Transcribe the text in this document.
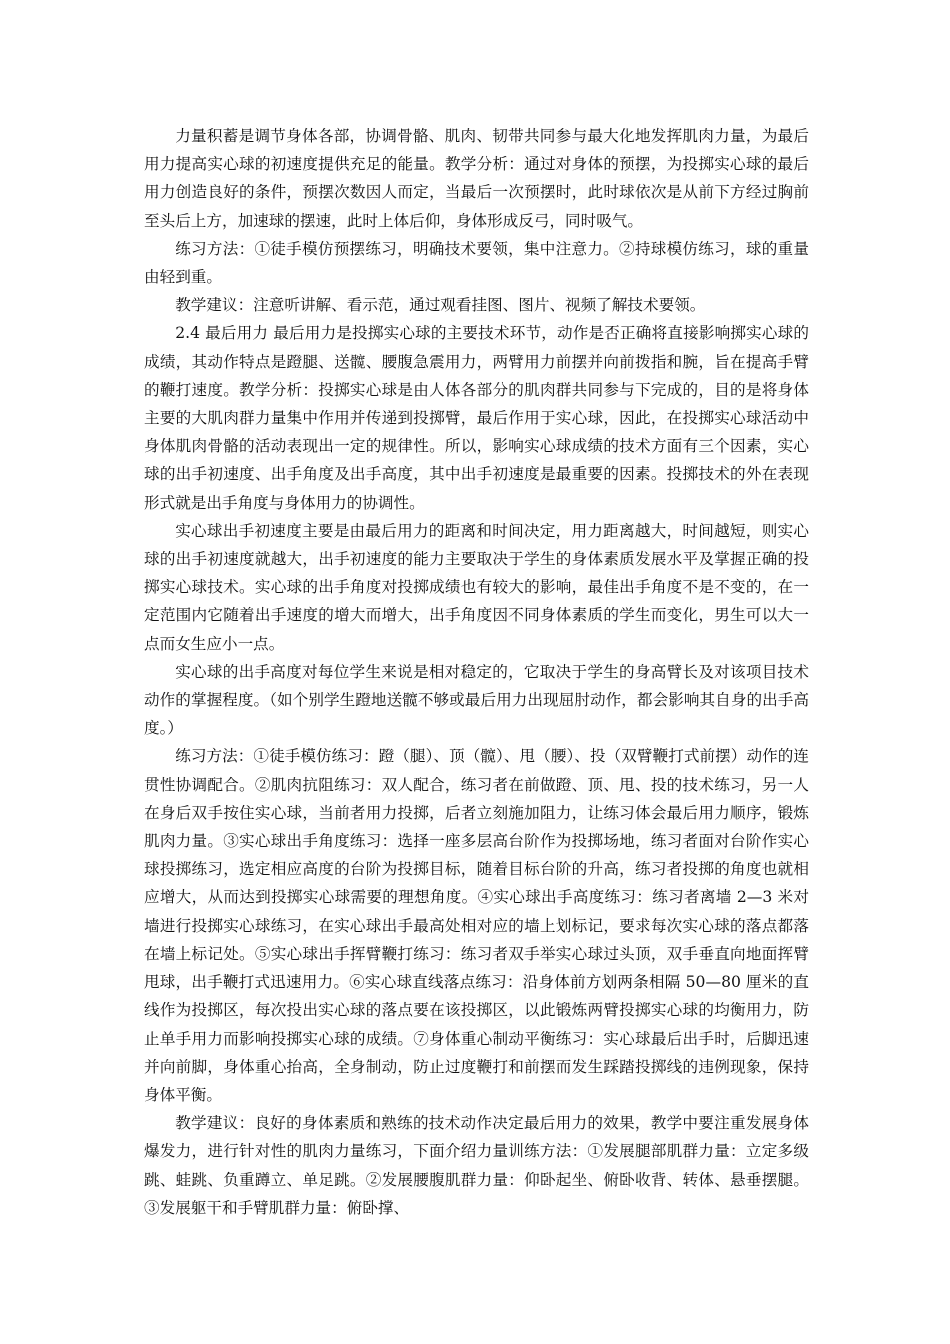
力量积蓄是调节身体各部，协调骨骼、肌肉、韧带共同参与最大化地发挥肌肉力量，为最后用力提高实心球的初速度提供充足的能量。教学分析：通过对身体的预摆，为投掷实心球的最后用力创造良好的条件，预摆次数因人而定，当最后一次预摆时，此时球依次是从前下方经过胸前至头后上方，加速球的摆速，此时上体后仰，身体形成反弓，同时吸气。

练习方法：①徒手模仿预摆练习，明确技术要领，集中注意力。②持球模仿练习，球的重量由轻到重。

教学建议：注意听讲解、看示范，通过观看挂图、图片、视频了解技术要领。

2.4 最后用力 最后用力是投掷实心球的主要技术环节，动作是否正确将直接影响掷实心球的成绩，其动作特点是蹬腿、送髋、腰腹急震用力，两臂用力前摆并向前拨指和腕，旨在提高手臂的鞭打速度。教学分析：投掷实心球是由人体各部分的肌肉群共同参与下完成的，目的是将身体主要的大肌肉群力量集中作用并传递到投掷臂，最后作用于实心球，因此，在投掷实心球活动中身体肌肉骨骼的活动表现出一定的规律性。所以，影响实心球成绩的技术方面有三个因素，实心球的出手初速度、出手角度及出手高度，其中出手初速度是最重要的因素。投掷技术的外在表现形式就是出手角度与身体用力的协调性。

实心球出手初速度主要是由最后用力的距离和时间决定，用力距离越大，时间越短，则实心球的出手初速度就越大，出手初速度的能力主要取决于学生的身体素质发展水平及掌握正确的投掷实心球技术。实心球的出手角度对投掷成绩也有较大的影响，最佳出手角度不是不变的，在一定范围内它随着出手速度的增大而增大，出手角度因不同身体素质的学生而变化，男生可以大一点而女生应小一点。

实心球的出手高度对每位学生来说是相对稳定的，它取决于学生的身高臂长及对该项目技术动作的掌握程度。（如个别学生蹬地送髋不够或最后用力出现屈肘动作，都会影响其自身的出手高度。）

练习方法：①徒手模仿练习：蹬（腿）、顶（髋）、甩（腰）、投（双臂鞭打式前摆）动作的连贯性协调配合。②肌肉抗阻练习：双人配合，练习者在前做蹬、顶、甩、投的技术练习，另一人在身后双手按住实心球，当前者用力投掷，后者立刻施加阻力，让练习体会最后用力顺序，锻炼肌肉力量。③实心球出手角度练习：选择一座多层高台阶作为投掷场地，练习者面对台阶作实心球投掷练习，选定相应高度的台阶为投掷目标，随着目标台阶的升高，练习者投掷的角度也就相应增大，从而达到投掷实心球需要的理想角度。④实心球出手高度练习：练习者离墙 2—3 米对墙进行投掷实心球练习，在实心球出手最高处相对应的墙上划标记，要求每次实心球的落点都落在墙上标记处。⑤实心球出手挥臂鞭打练习：练习者双手举实心球过头顶，双手垂直向地面挥臂甩球，出手鞭打式迅速用力。⑥实心球直线落点练习：沿身体前方划两条相隔 50—80 厘米的直线作为投掷区，每次投出实心球的落点要在该投掷区，以此锻炼两臂投掷实心球的均衡用力，防止单手用力而影响投掷实心球的成绩。⑦身体重心制动平衡练习：实心球最后出手时，后脚迅速并向前脚，身体重心抬高，全身制动，防止过度鞭打和前摆而发生踩踏投掷线的违例现象，保持身体平衡。

教学建议：良好的身体素质和熟练的技术动作决定最后用力的效果，教学中要注重发展身体爆发力，进行针对性的肌肉力量练习，下面介绍力量训练方法：①发展腿部肌群力量：立定多级跳、蛙跳、负重蹲立、单足跳。②发展腰腹肌群力量：仰卧起坐、俯卧收背、转体、悬垂摆腿。③发展躯干和手臂肌群力量：俯卧撑、
